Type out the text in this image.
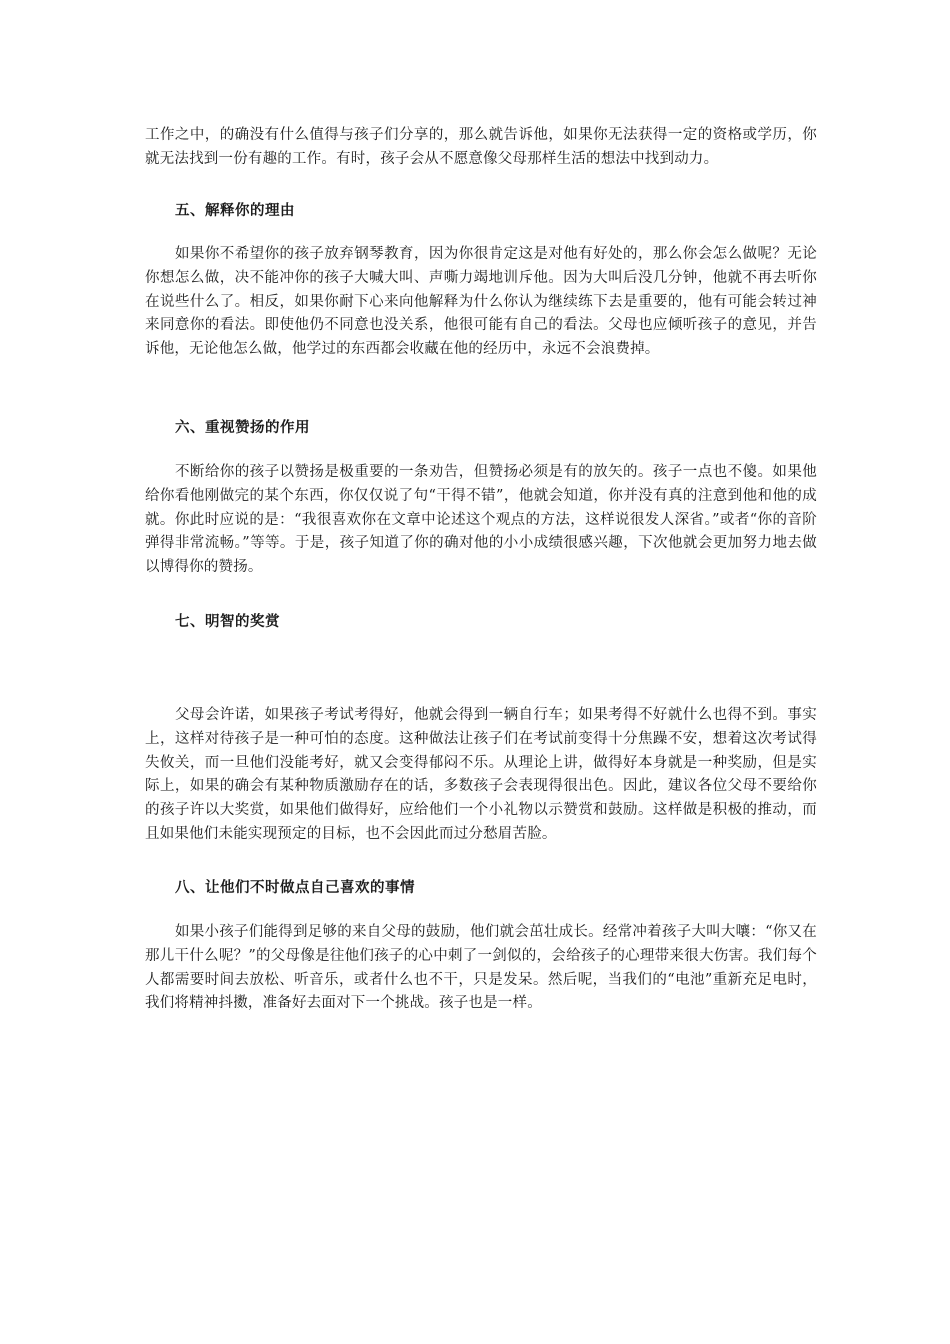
工作之中，的确没有什么值得与孩子们分享的，那么就告诉他，如果你无法获得一定的资格或学历，你就无法找到一份有趣的工作。有时，孩子会从不愿意像父母那样生活的想法中找到动力。

五、解释你的理由

如果你不希望你的孩子放弃钢琴教育，因为你很肯定这是对他有好处的，那么你会怎么做呢？无论你想怎么做，决不能冲你的孩子大喊大叫、声嘶力竭地训斥他。因为大叫后没几分钟，他就不再去听你在说些什么了。相反，如果你耐下心来向他解释为什么你认为继续练下去是重要的，他有可能会转过神来同意你的看法。即使他仍不同意也没关系，他很可能有自己的看法。父母也应倾听孩子的意见，并告诉他，无论他怎么做，他学过的东西都会收藏在他的经历中，永远不会浪费掉。

六、重视赞扬的作用

不断给你的孩子以赞扬是极重要的一条劝告，但赞扬必须是有的放矢的。孩子一点也不傻。如果他给你看他刚做完的某个东西，你仅仅说了句“干得不错”，他就会知道，你并没有真的注意到他和他的成就。你此时应说的是：“我很喜欢你在文章中论述这个观点的方法，这样说很发人深省。”或者“你的音阶弹得非常流畅。”等等。于是，孩子知道了你的确对他的小小成绩很感兴趣，下次他就会更加努力地去做以博得你的赞扬。

七、明智的奖赏

父母会许诺，如果孩子考试考得好，他就会得到一辆自行车；如果考得不好就什么也得不到。事实上，这样对待孩子是一种可怕的态度。这种做法让孩子们在考试前变得十分焦躁不安，想着这次考试得失攸关，而一旦他们没能考好，就又会变得郁闷不乐。从理论上讲，做得好本身就是一种奖励，但是实际上，如果的确会有某种物质激励存在的话，多数孩子会表现得很出色。因此，建议各位父母不要给你的孩子许以大奖赏，如果他们做得好，应给他们一个小礼物以示赞赏和鼓励。这样做是积极的推动，而且如果他们未能实现预定的目标，也不会因此而过分愁眉苦脸。

八、让他们不时做点自己喜欢的事情

如果小孩子们能得到足够的来自父母的鼓励，他们就会茁壮成长。经常冲着孩子大叫大嚷：“你又在那儿干什么呢？”的父母像是往他们孩子的心中刺了一剑似的，会给孩子的心理带来很大伤害。我们每个人都需要时间去放松、听音乐，或者什么也不干，只是发呆。然后呢，当我们的“电池”重新充足电时，我们将精神抖擞，准备好去面对下一个挑战。孩子也是一样。
